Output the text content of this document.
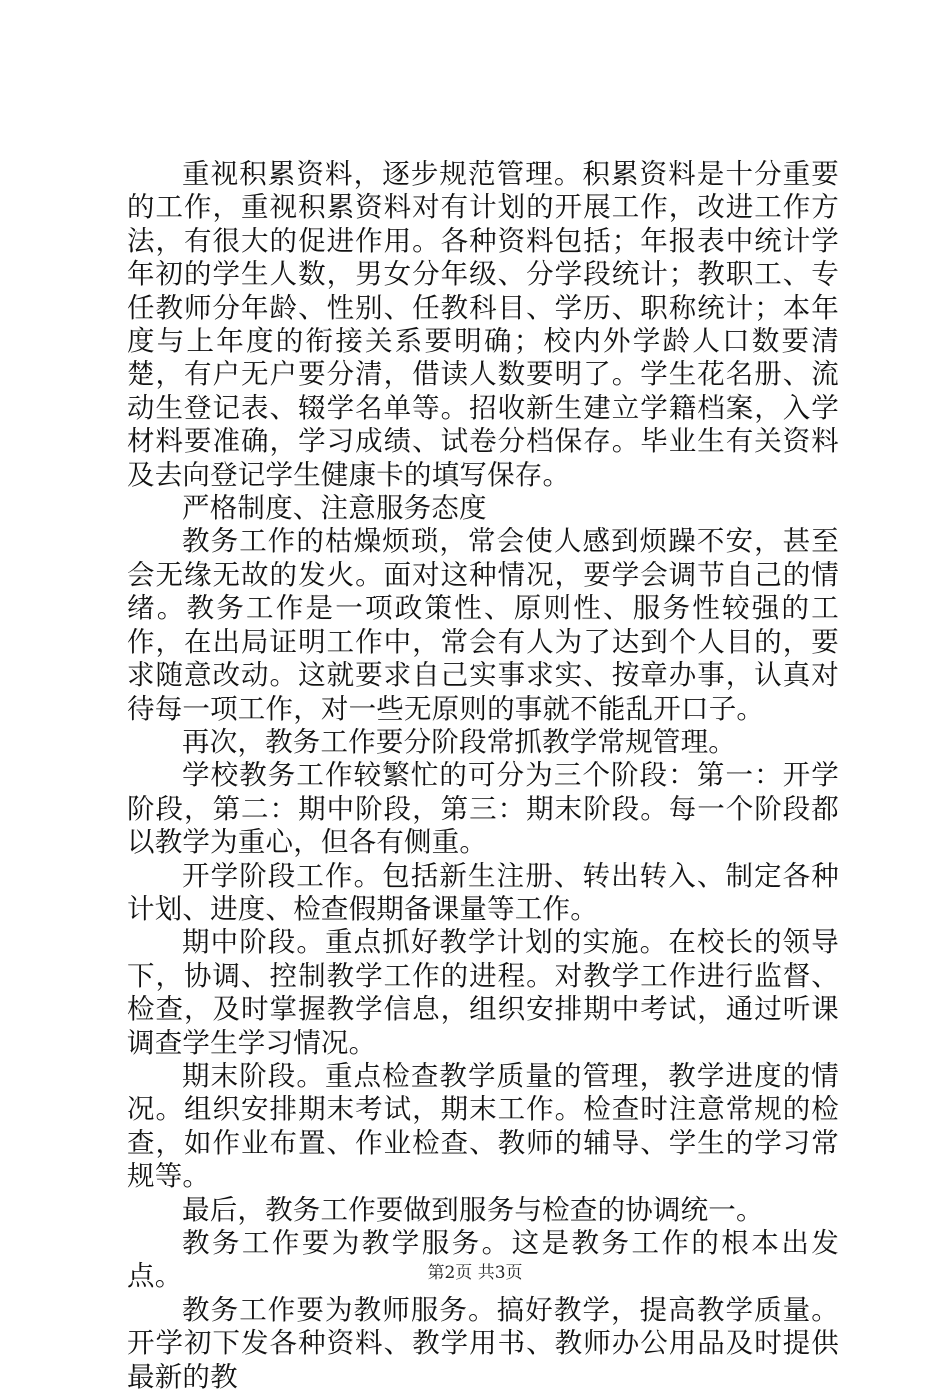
重视积累资料，逐步规范管理。积累资料是十分重要的工作，重视积累资料对有计划的开展工作，改进工作方法，有很大的促进作用。各种资料包括；年报表中统计学年初的学生人数，男女分年级、分学段统计；教职工、专任教师分年龄、性别、任教科目、学历、职称统计；本年度与上年度的衔接关系要明确；校内外学龄人口数要清楚，有户无户要分清，借读人数要明了。学生花名册、流动生登记表、辍学名单等。招收新生建立学籍档案，入学材料要准确，学习成绩、试卷分档保存。毕业生有关资料及去向登记学生健康卡的填写保存。

严格制度、注意服务态度

教务工作的枯燥烦琐，常会使人感到烦躁不安，甚至会无缘无故的发火。面对这种情况，要学会调节自己的情绪。教务工作是一项政策性、原则性、服务性较强的工作，在出局证明工作中，常会有人为了达到个人目的，要求随意改动。这就要求自己实事求实、按章办事，认真对待每一项工作，对一些无原则的事就不能乱开口子。

再次，教务工作要分阶段常抓教学常规管理。

学校教务工作较繁忙的可分为三个阶段：第一：开学阶段，第二：期中阶段，第三：期末阶段。每一个阶段都以教学为重心，但各有侧重。

开学阶段工作。包括新生注册、转出转入、制定各种计划、进度、检查假期备课量等工作。

期中阶段。重点抓好教学计划的实施。在校长的领导下，协调、控制教学工作的进程。对教学工作进行监督、检查，及时掌握教学信息，组织安排期中考试，通过听课调查学生学习情况。

期末阶段。重点检查教学质量的管理，教学进度的情况。组织安排期末考试，期末工作。检查时注意常规的检查，如作业布置、作业检查、教师的辅导、学生的学习常规等。

最后，教务工作要做到服务与检查的协调统一。

教务工作要为教学服务。这是教务工作的根本出发点。

教务工作要为教师服务。搞好教学，提高教学质量。开学初下发各种资料、教学用书、教师办公用品及时提供最新的教

第2页 共3页
